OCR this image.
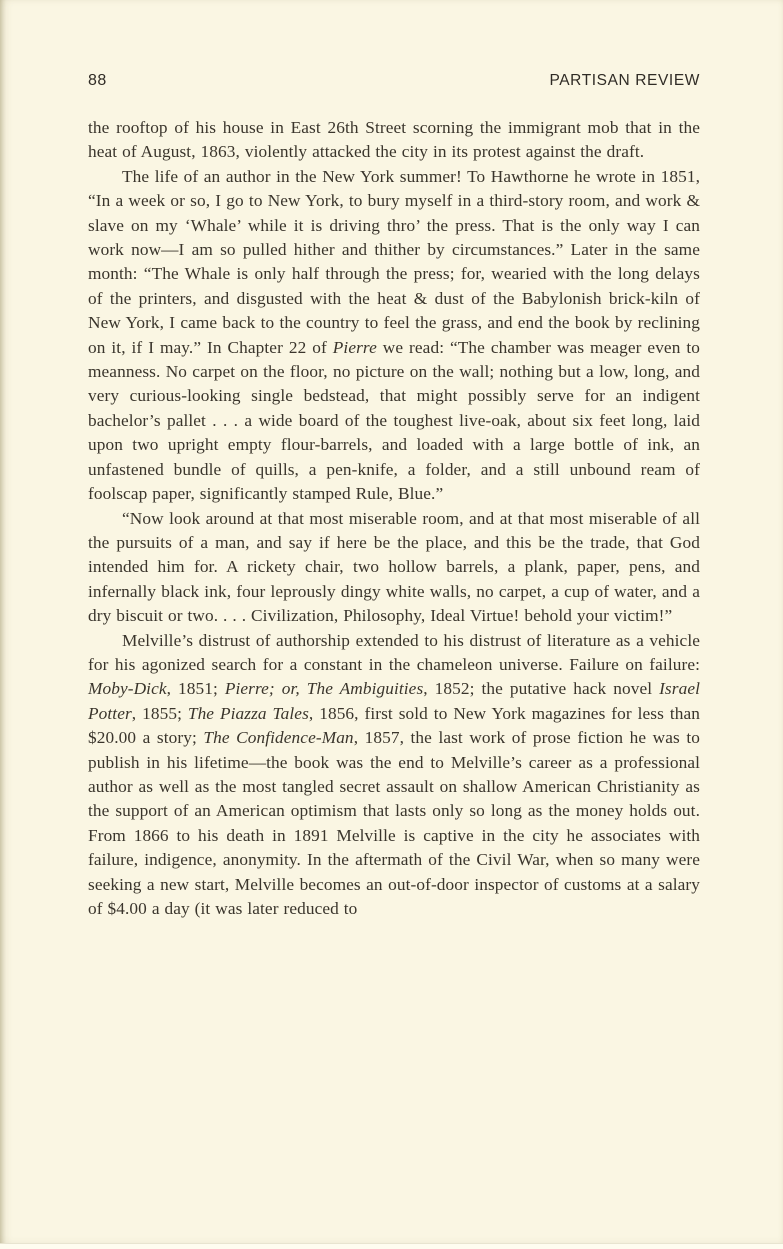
88	PARTISAN REVIEW

the rooftop of his house in East 26th Street scorning the immigrant mob that in the heat of August, 1863, violently attacked the city in its protest against the draft.

The life of an author in the New York summer! To Hawthorne he wrote in 1851, “In a week or so, I go to New York, to bury myself in a third-story room, and work & slave on my ‘Whale’ while it is driving thro’ the press. That is the only way I can work now—I am so pulled hither and thither by circumstances.” Later in the same month: “The Whale is only half through the press; for, wearied with the long delays of the printers, and disgusted with the heat & dust of the Babylonish brick-kiln of New York, I came back to the country to feel the grass, and end the book by reclining on it, if I may.” In Chapter 22 of Pierre we read: “The chamber was meager even to meanness. No carpet on the floor, no picture on the wall; nothing but a low, long, and very curious-looking single bedstead, that might possibly serve for an indigent bachelor’s pallet . . . a wide board of the toughest live-oak, about six feet long, laid upon two upright empty flour-barrels, and loaded with a large bottle of ink, an unfastened bundle of quills, a pen-knife, a folder, and a still unbound ream of foolscap paper, significantly stamped Rule, Blue.”

“Now look around at that most miserable room, and at that most miserable of all the pursuits of a man, and say if here be the place, and this be the trade, that God intended him for. A rickety chair, two hollow barrels, a plank, paper, pens, and infernally black ink, four leprously dingy white walls, no carpet, a cup of water, and a dry biscuit or two. . . . Civilization, Philosophy, Ideal Virtue! behold your victim!”

Melville’s distrust of authorship extended to his distrust of literature as a vehicle for his agonized search for a constant in the chameleon universe. Failure on failure: Moby-Dick, 1851; Pierre; or, The Ambiguities, 1852; the putative hack novel Israel Potter, 1855; The Piazza Tales, 1856, first sold to New York magazines for less than $20.00 a story; The Confidence-Man, 1857, the last work of prose fiction he was to publish in his lifetime—the book was the end to Melville’s career as a professional author as well as the most tangled secret assault on shallow American Christianity as the support of an American optimism that lasts only so long as the money holds out. From 1866 to his death in 1891 Melville is captive in the city he associates with failure, indigence, anonymity. In the aftermath of the Civil War, when so many were seeking a new start, Melville becomes an out-of-door inspector of customs at a salary of $4.00 a day (it was later reduced to
